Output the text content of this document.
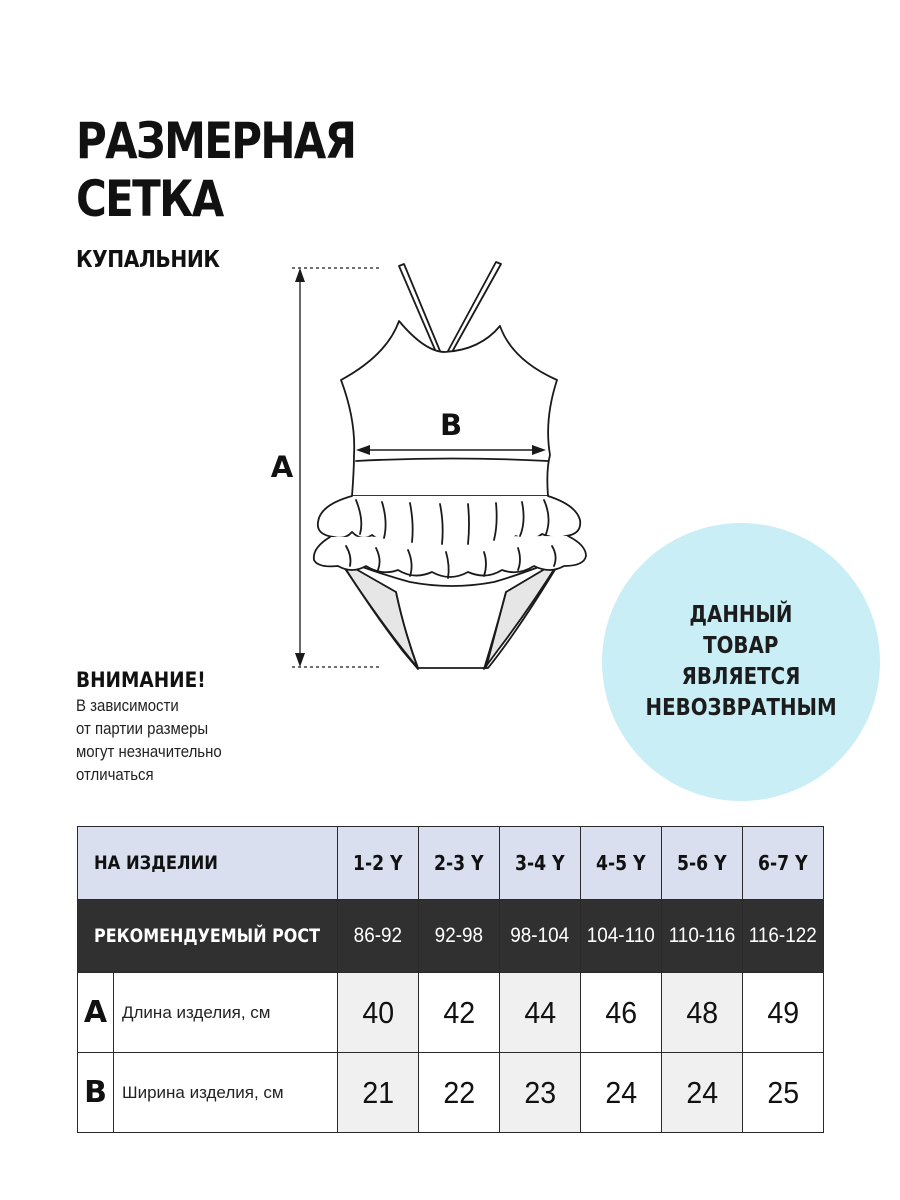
РАЗМЕРНАЯ
СЕТКА
КУПАЛЬНИК
ВНИМАНИЕ!
В зависимости
от партии размеры
могут незначительно
отличаться
A
B
ДАННЫЙ
ТОВАР
ЯВЛЯЕТСЯ
НЕВОЗВРАТНЫМ
НА ИЗДЕЛИИ		1-2 Y	2-3 Y	3-4 Y	4-5 Y	5-6 Y	6-7 Y
РЕКОМЕНДУЕМЫЙ РОСТ		86-92	92-98	98-104	104-110	110-116	116-122
A	Длина изделия, см	40	42	44	46	48	49
B	Ширина изделия, см	21	22	23	24	24	25
